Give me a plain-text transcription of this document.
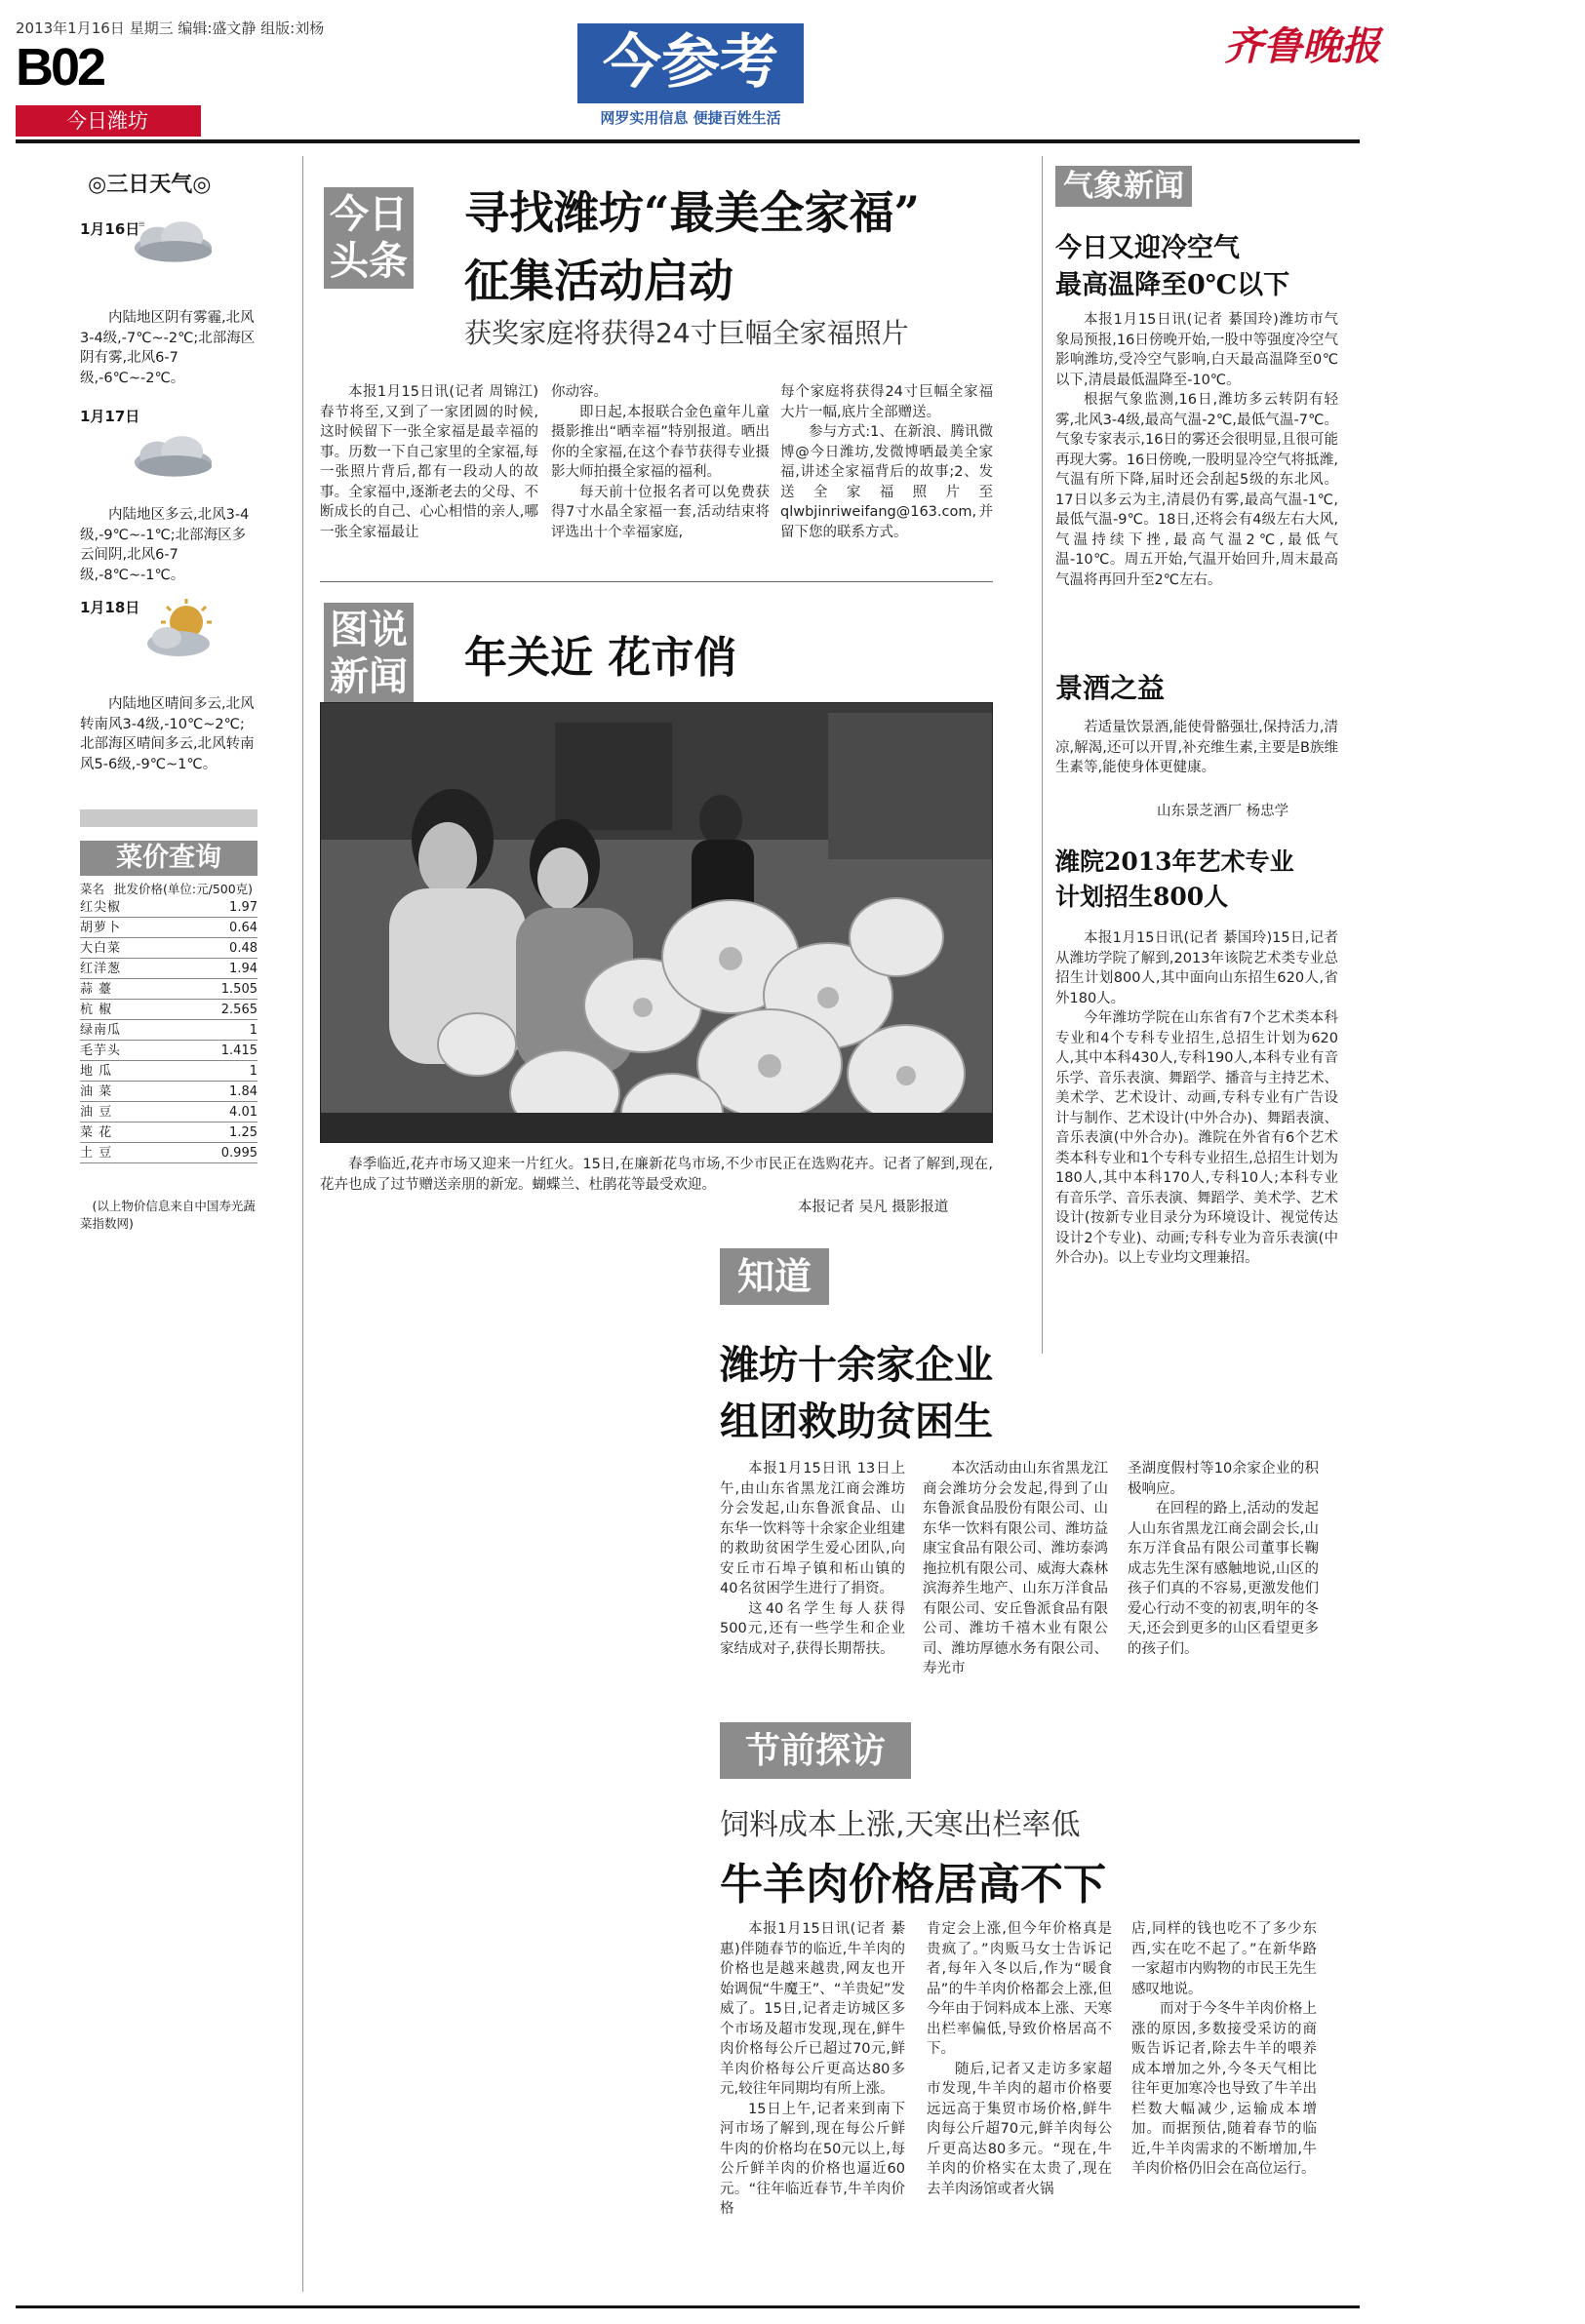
2013年1月16日 星期三 编辑:盛文静 组版:刘杨
B02
今日潍坊
今参考
网罗实用信息 便捷百姓生活
齐鲁晚报
◎三日天气◎
1月16日
≡
内陆地区阴有雾霾,北风3-4级,-7℃~-2℃;北部海区阴有雾,北风6-7级,-6℃~-2℃。
1月17日
内陆地区多云,北风3-4级,-9℃~-1℃;北部海区多云间阴,北风6-7级,-8℃~-1℃。
1月18日
内陆地区晴间多云,北风转南风3-4级,-10℃~2℃;北部海区晴间多云,北风转南风5-6级,-9℃~1℃。
菜价查询
菜名 批发价格(单位:元/500克)
红尖椒	1.97
胡萝卜	0.64
大白菜	0.48
红洋葱	1.94
蒜 薹	1.505
杭 椒	2.565
绿南瓜	1
毛芋头	1.415
地 瓜	1
油 菜	1.84
油 豆	4.01
菜 花	1.25
土 豆	0.995
(以上物价信息来自中国寿光蔬菜指数网)
今日
头条
寻找潍坊“最美全家福”
征集活动启动
获奖家庭将获得24寸巨幅全家福照片
本报1月15日讯(记者 周锦江)春节将至,又到了一家团圆的时候,这时候留下一张全家福是最幸福的事。历数一下自己家里的全家福,每一张照片背后,都有一段动人的故事。全家福中,逐渐老去的父母、不断成长的自己、心心相惜的亲人,哪一张全家福最让
你动容。
即日起,本报联合金色童年儿童摄影推出“晒幸福”特别报道。晒出你的全家福,在这个春节获得专业摄影大师拍摄全家福的福利。
每天前十位报名者可以免费获得7寸水晶全家福一套,活动结束将评选出十个幸福家庭,
每个家庭将获得24寸巨幅全家福大片一幅,底片全部赠送。
参与方式:1、在新浪、腾讯微博@今日潍坊,发微博晒最美全家福,讲述全家福背后的故事;2、发送全家福照片至qlwbjinriweifang@163.com,并留下您的联系方式。
图说
新闻 年关近 花市俏
春季临近,花卉市场又迎来一片红火。15日,在廉新花鸟市场,不少市民正在选购花卉。记者了解到,现在,花卉也成了过节赠送亲朋的新宠。蝴蝶兰、杜鹃花等最受欢迎。
本报记者 吴凡 摄影报道
气象新闻
今日又迎冷空气
最高温降至0℃以下
本报1月15日讯(记者 綦国玲)潍坊市气象局预报,16日傍晚开始,一股中等强度冷空气影响潍坊,受冷空气影响,白天最高温降至0℃以下,清晨最低温降至-10℃。
根据气象监测,16日,潍坊多云转阴有轻雾,北风3-4级,最高气温-2℃,最低气温-7℃。气象专家表示,16日的雾还会很明显,且很可能再现大雾。16日傍晚,一股明显冷空气将抵潍,气温有所下降,届时还会刮起5级的东北风。17日以多云为主,清晨仍有雾,最高气温-1℃,最低气温-9℃。18日,还将会有4级左右大风,气温持续下挫,最高气温2℃,最低气温-10℃。周五开始,气温开始回升,周末最高气温将再回升至2℃左右。
景酒之益
若适量饮景酒,能使骨骼强壮,保持活力,清凉,解渴,还可以开胃,补充维生素,主要是B族维生素等,能使身体更健康。
山东景芝酒厂 杨忠学
潍院2013年艺术专业
计划招生800人
本报1月15日讯(记者 綦国玲)15日,记者从潍坊学院了解到,2013年该院艺术类专业总招生计划800人,其中面向山东招生620人,省外180人。
今年潍坊学院在山东省有7个艺术类本科专业和4个专科专业招生,总招生计划为620人,其中本科430人,专科190人,本科专业有音乐学、音乐表演、舞蹈学、播音与主持艺术、美术学、艺术设计、动画,专科专业有广告设计与制作、艺术设计(中外合办)、舞蹈表演、音乐表演(中外合办)。潍院在外省有6个艺术类本科专业和1个专科专业招生,总招生计划为180人,其中本科170人,专科10人;本科专业有音乐学、音乐表演、舞蹈学、美术学、艺术设计(按新专业目录分为环境设计、视觉传达设计2个专业)、动画;专科专业为音乐表演(中外合办)。以上专业均文理兼招。
知道
潍坊十余家企业
组团救助贫困生
本报1月15日讯 13日上午,由山东省黑龙江商会潍坊分会发起,山东鲁派食品、山东华一饮料等十余家企业组建的救助贫困学生爱心团队,向安丘市石埠子镇和柘山镇的40名贫困学生进行了捐资。
这40名学生每人获得500元,还有一些学生和企业家结成对子,获得长期帮扶。
本次活动由山东省黑龙江商会潍坊分会发起,得到了山东鲁派食品股份有限公司、山东华一饮料有限公司、潍坊益康宝食品有限公司、潍坊泰鸿拖拉机有限公司、威海大森林滨海养生地产、山东万洋食品有限公司、安丘鲁派食品有限公司、潍坊千禧木业有限公司、潍坊厚德水务有限公司、寿光市
圣湖度假村等10余家企业的积极响应。
在回程的路上,活动的发起人山东省黑龙江商会副会长,山东万洋食品有限公司董事长鞠成志先生深有感触地说,山区的孩子们真的不容易,更激发他们爱心行动不变的初衷,明年的冬天,还会到更多的山区看望更多的孩子们。
节前探访
饲料成本上涨,天寒出栏率低
牛羊肉价格居高不下
本报1月15日讯(记者 綦惠)伴随春节的临近,牛羊肉的价格也是越来越贵,网友也开始调侃“牛魔王”、“羊贵妃”发威了。15日,记者走访城区多个市场及超市发现,现在,鲜牛肉价格每公斤已超过70元,鲜羊肉价格每公斤更高达80多元,较往年同期均有所上涨。
15日上午,记者来到南下河市场了解到,现在每公斤鲜牛肉的价格均在50元以上,每公斤鲜羊肉的价格也逼近60元。“往年临近春节,牛羊肉价格
肯定会上涨,但今年价格真是贵疯了。”肉贩马女士告诉记者,每年入冬以后,作为“暖食品”的牛羊肉价格都会上涨,但今年由于饲料成本上涨、天寒出栏率偏低,导致价格居高不下。
随后,记者又走访多家超市发现,牛羊肉的超市价格要远远高于集贸市场价格,鲜牛肉每公斤超70元,鲜羊肉每公斤更高达80多元。“现在,牛羊肉的价格实在太贵了,现在去羊肉汤馆或者火锅
店,同样的钱也吃不了多少东西,实在吃不起了。”在新华路一家超市内购物的市民王先生感叹地说。
而对于今冬牛羊肉价格上涨的原因,多数接受采访的商贩告诉记者,除去牛羊的喂养成本增加之外,今冬天气相比往年更加寒冷也导致了牛羊出栏数大幅减少,运输成本增加。而据预估,随着春节的临近,牛羊肉需求的不断增加,牛羊肉价格仍旧会在高位运行。
